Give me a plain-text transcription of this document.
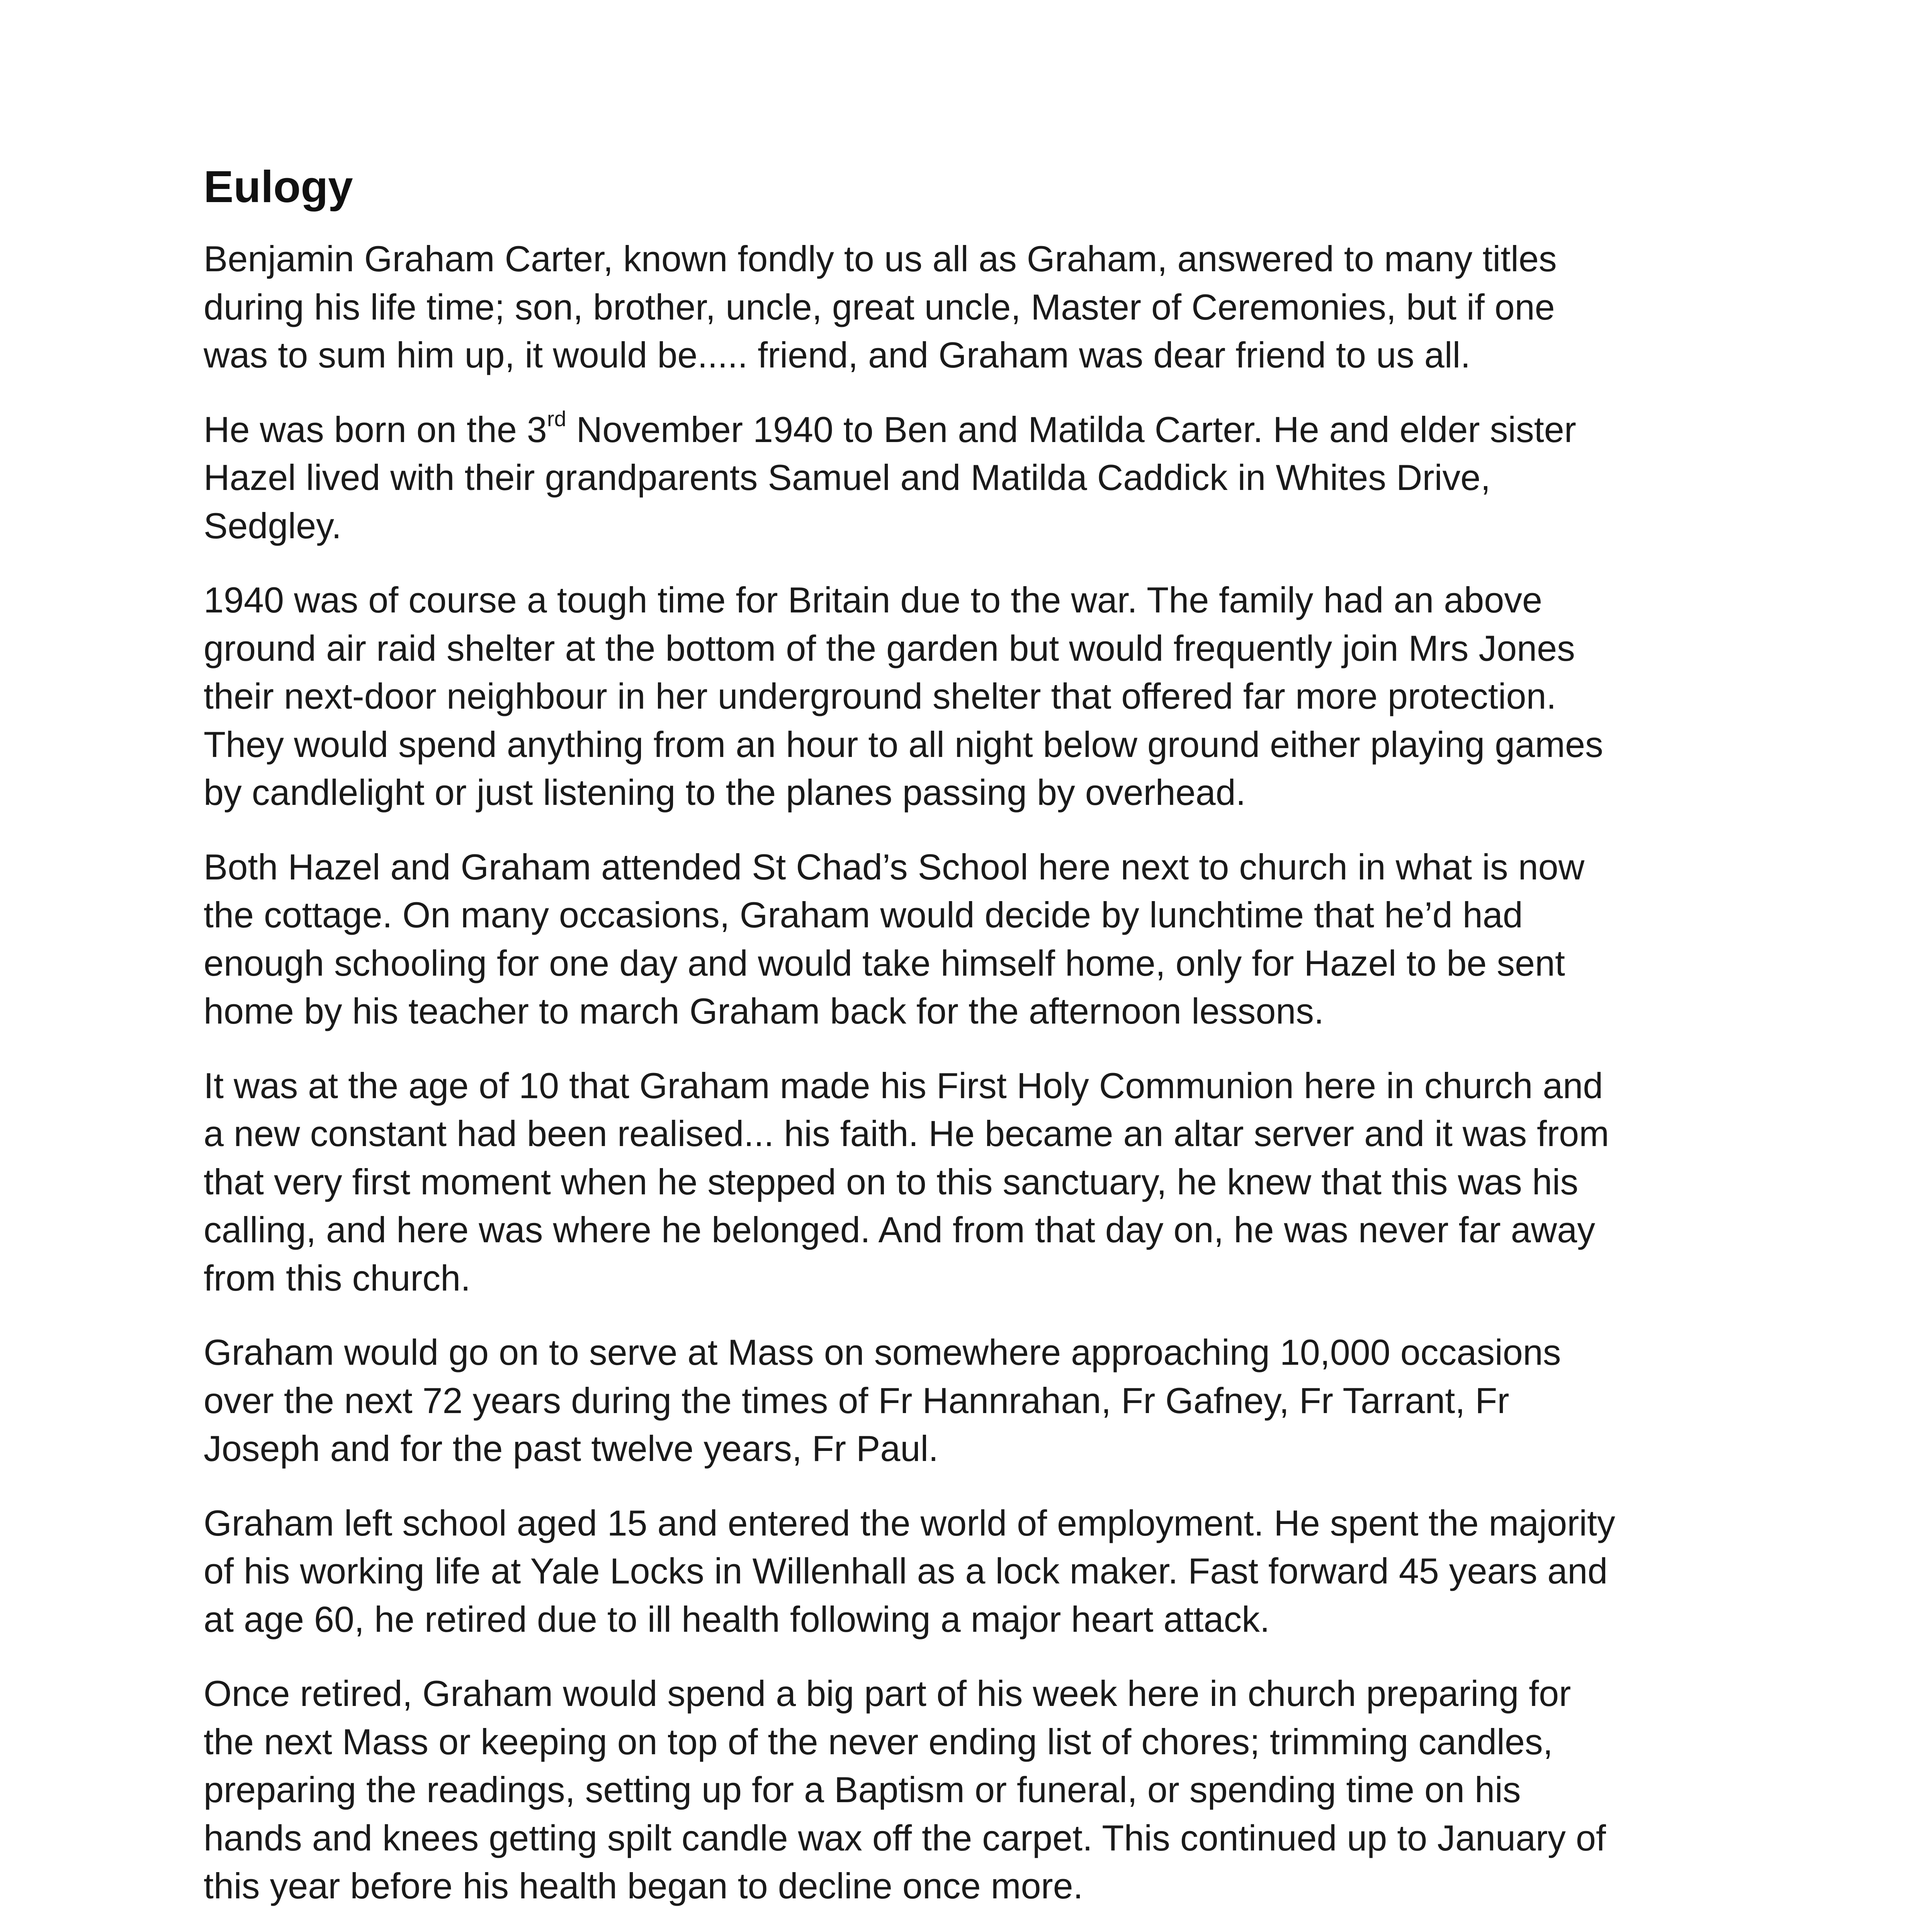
Eulogy

Benjamin Graham Carter, known fondly to us all as Graham, answered to many titles
during his life time; son, brother, uncle, great uncle, Master of Ceremonies, but if one
was to sum him up, it would be..... friend, and Graham was dear friend to us all.

He was born on the 3rd November 1940 to Ben and Matilda Carter. He and elder sister
Hazel lived with their grandparents Samuel and Matilda Caddick in Whites Drive,
Sedgley.

1940 was of course a tough time for Britain due to the war. The family had an above
ground air raid shelter at the bottom of the garden but would frequently join Mrs Jones
their next-door neighbour in her underground shelter that offered far more protection.
They would spend anything from an hour to all night below ground either playing games
by candlelight or just listening to the planes passing by overhead.

Both Hazel and Graham attended St Chad’s School here next to church in what is now
the cottage. On many occasions, Graham would decide by lunchtime that he’d had
enough schooling for one day and would take himself home, only for Hazel to be sent
home by his teacher to march Graham back for the afternoon lessons.

It was at the age of 10 that Graham made his First Holy Communion here in church and
a new constant had been realised... his faith. He became an altar server and it was from
that very first moment when he stepped on to this sanctuary, he knew that this was his
calling, and here was where he belonged. And from that day on, he was never far away
from this church.

Graham would go on to serve at Mass on somewhere approaching 10,000 occasions
over the next 72 years during the times of Fr Hannrahan, Fr Gafney, Fr Tarrant, Fr
Joseph and for the past twelve years, Fr Paul.

Graham left school aged 15 and entered the world of employment. He spent the majority
of his working life at Yale Locks in Willenhall as a lock maker. Fast forward 45 years and
at age 60, he retired due to ill health following a major heart attack.

Once retired, Graham would spend a big part of his week here in church preparing for
the next Mass or keeping on top of the never ending list of chores; trimming candles,
preparing the readings, setting up for a Baptism or funeral, or spending time on his
hands and knees getting spilt candle wax off the carpet. This continued up to January of
this year before his health began to decline once more.
